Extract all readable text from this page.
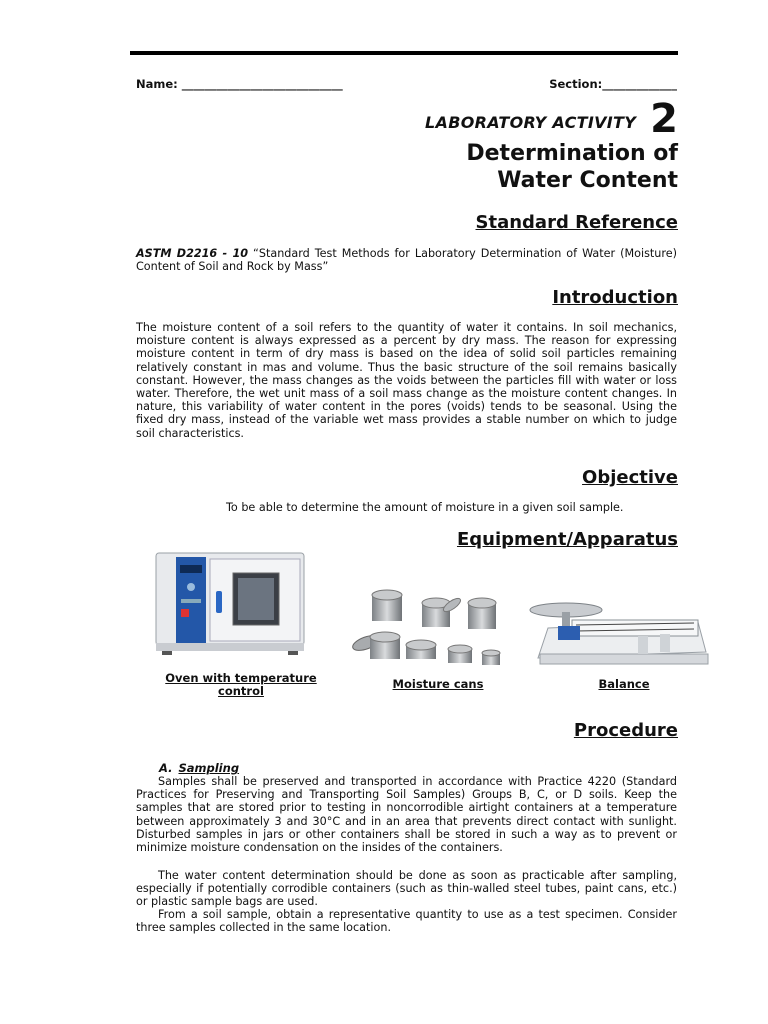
Name: ____________________________	Section:_____________
LABORATORY ACTIVITY 2
Determination of
Water Content
Standard Reference
ASTM D2216 - 10 “Standard Test Methods for Laboratory Determination of Water (Moisture) Content of Soil and Rock by Mass”
Introduction
The moisture content of a soil refers to the quantity of water it contains. In soil mechanics, moisture content is always expressed as a percent by dry mass. The reason for expressing moisture content in term of dry mass is based on the idea of solid soil particles remaining relatively constant in mas and volume. Thus the basic structure of the soil remains basically constant. However, the mass changes as the voids between the particles fill with water or loss water. Therefore, the wet unit mass of a soil mass change as the moisture content changes. In nature, this variability of water content in the pores (voids) tends to be seasonal. Using the fixed dry mass, instead of the variable wet mass provides a stable number on which to judge soil characteristics.
Objective
To be able to determine the amount of moisture in a given soil sample.
Equipment/Apparatus
Oven with temperature
control	Moisture cans	Balance
Procedure
A. Sampling
Samples shall be preserved and transported in accordance with Practice 4220 (Standard Practices for Preserving and Transporting Soil Samples) Groups B, C, or D soils. Keep the samples that are stored prior to testing in noncorrodible airtight containers at a temperature between approximately 3 and 30°C and in an area that prevents direct contact with sunlight. Disturbed samples in jars or other containers shall be stored in such a way as to prevent or minimize moisture condensation on the insides of the containers.
The water content determination should be done as soon as practicable after sampling, especially if potentially corrodible containers (such as thin-walled steel tubes, paint cans, etc.) or plastic sample bags are used.
From a soil sample, obtain a representative quantity to use as a test specimen. Consider three samples collected in the same location.
